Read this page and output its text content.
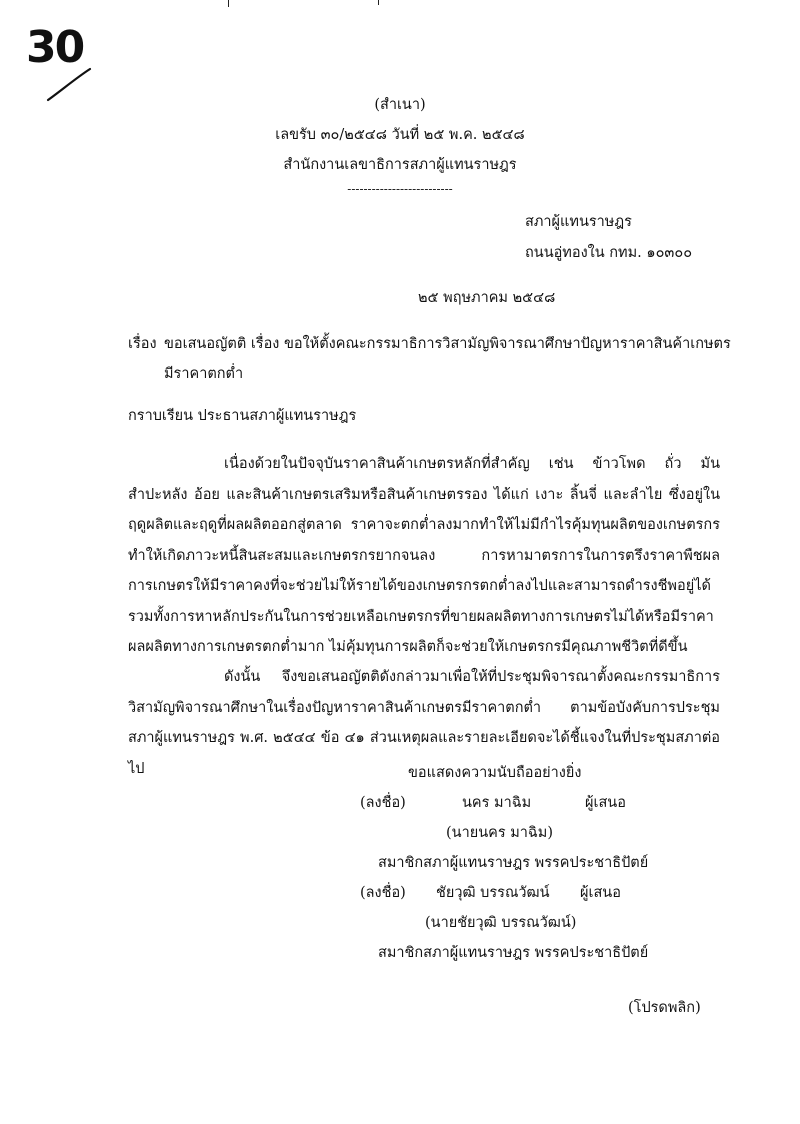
30
(สำเนา)
เลขรับ ๓๐/๒๕๔๘ วันที่ ๒๕ พ.ค. ๒๕๔๘
สำนักงานเลขาธิการสภาผู้แทนราษฎร
--------------------------
สภาผู้แทนราษฎร
ถนนอู่ทองใน กทม. ๑๐๓๐๐
๒๕ พฤษภาคม ๒๕๔๘
เรื่อง ขอเสนอญัตติ เรื่อง ขอให้ตั้งคณะกรรมาธิการวิสามัญพิจารณาศึกษาปัญหาราคาสินค้าเกษตร
มีราคาตกต่ำ
กราบเรียน ประธานสภาผู้แทนราษฎร
เนื่องด้วยในปัจจุบันราคาสินค้าเกษตรหลักที่สำคัญ เช่น ข้าวโพด ถั่ว มันสำปะหลัง อ้อย และสินค้าเกษตรเสริมหรือสินค้าเกษตรรอง ได้แก่ เงาะ ลิ้นจี่ และลำไย ซึ่งอยู่ในฤดูผลิตและฤดูที่ผลผลิตออกสู่ตลาด ราคาจะตกต่ำลงมากทำให้ไม่มีกำไรคุ้มทุนผลิตของเกษตรกร ทำให้เกิดภาวะหนี้สินสะสมและเกษตรกรยากจนลง การหามาตรการในการตรึงราคาพืชผลการเกษตรให้มีราคาคงที่จะช่วยไม่ให้รายได้ของเกษตรกรตกต่ำลงไปและสามารถดำรงชีพอยู่ได้ รวมทั้งการหาหลักประกันในการช่วยเหลือเกษตรกรที่ขายผลผลิตทางการเกษตรไม่ได้หรือมีราคาผลผลิตทางการเกษตรตกต่ำมาก ไม่คุ้มทุนการผลิตก็จะช่วยให้เกษตรกรมีคุณภาพชีวิตที่ดีขึ้น
ดังนั้น จึงขอเสนอญัตติดังกล่าวมาเพื่อให้ที่ประชุมพิจารณาตั้งคณะกรรมาธิการวิสามัญพิจารณาศึกษาในเรื่องปัญหาราคาสินค้าเกษตรมีราคาตกต่ำ ตามข้อบังคับการประชุมสภาผู้แทนราษฎร พ.ศ. ๒๕๔๔ ข้อ ๔๑ ส่วนเหตุผลและรายละเอียดจะได้ชี้แจงในที่ประชุมสภาต่อไป	ขอแสดงความนับถืออย่างยิ่ง
(ลงชื่อ)	นคร มาฉิม	ผู้เสนอ
(นายนคร มาฉิม)
สมาชิกสภาผู้แทนราษฎร พรรคประชาธิปัตย์
(ลงชื่อ) ชัยวุฒิ บรรณวัฒน์ ผู้เสนอ
(นายชัยวุฒิ บรรณวัฒน์)
สมาชิกสภาผู้แทนราษฎร พรรคประชาธิปัตย์
(โปรดพลิก)
